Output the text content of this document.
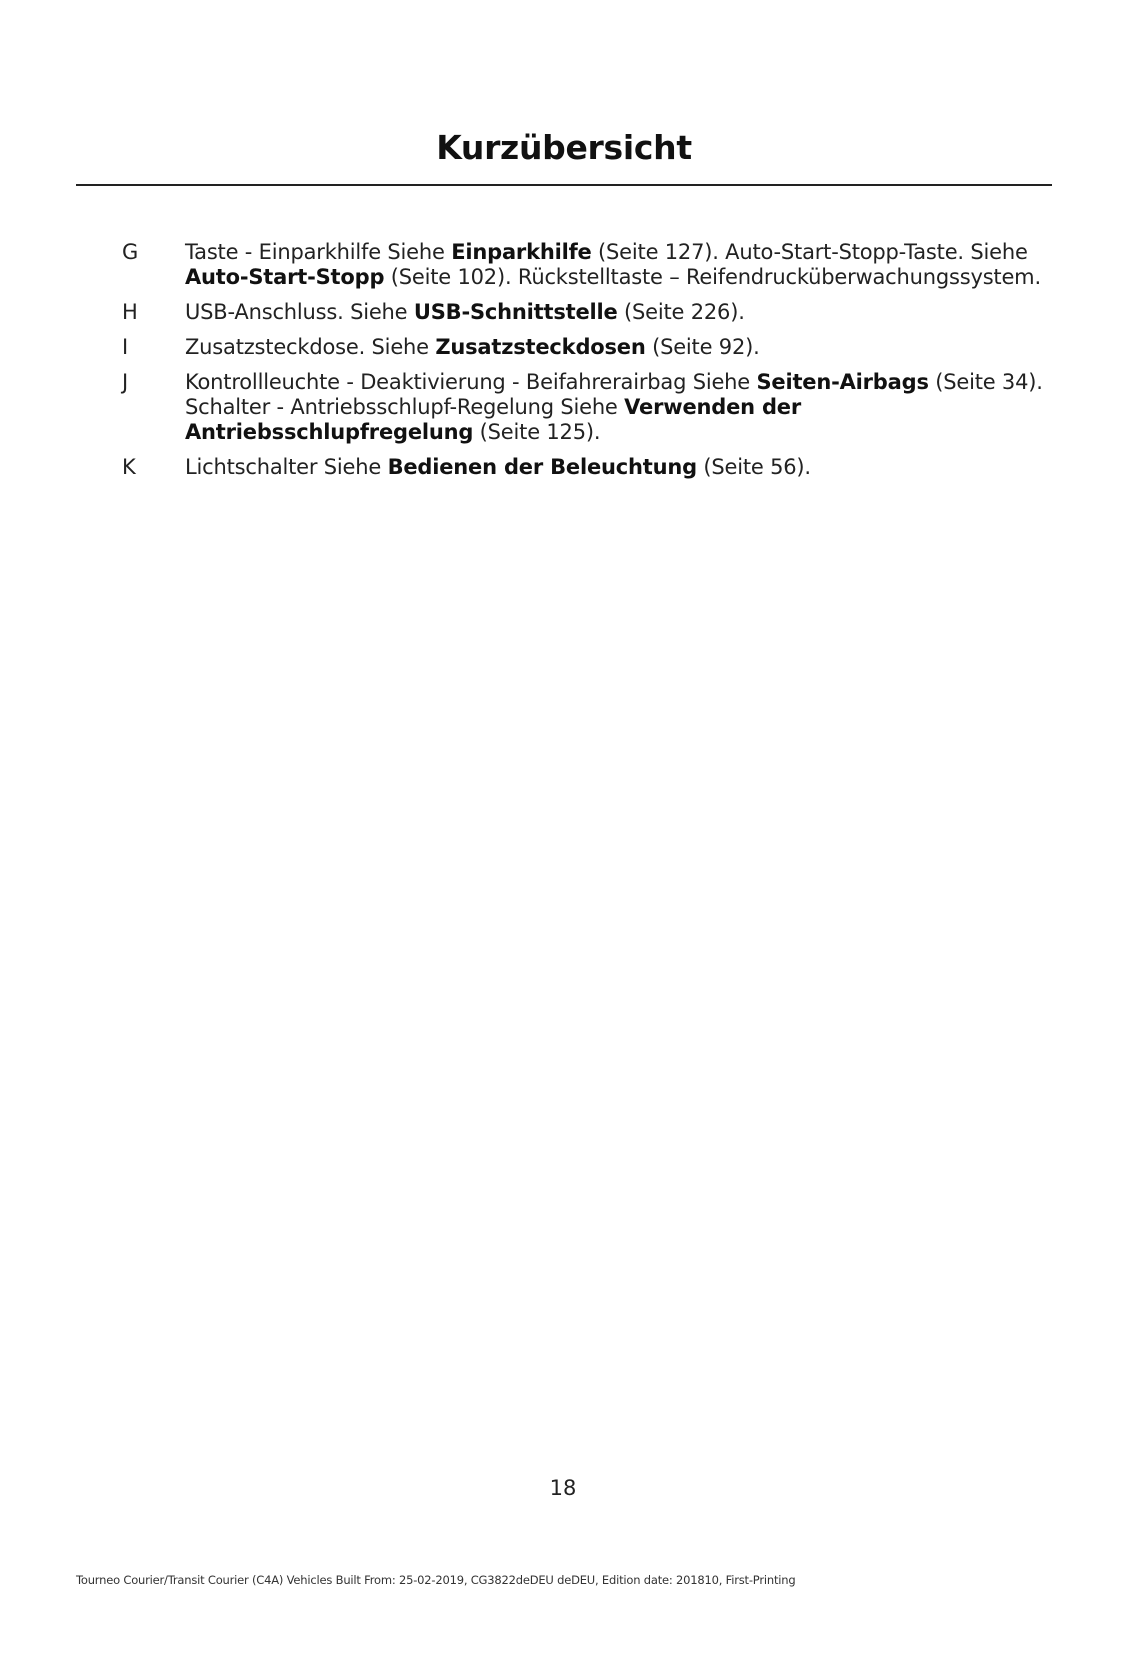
Kurzübersicht
G Taste - Einparkhilfe Siehe Einparkhilfe (Seite 127). Auto-Start-Stopp-Taste. Siehe Auto-Start-Stopp (Seite 102). Rückstelltaste – Reifendrucküberwachungssystem.
H USB-Anschluss. Siehe USB-Schnittstelle (Seite 226).
I	Zusatzsteckdose. Siehe Zusatzsteckdosen (Seite 92).
J	Kontrollleuchte - Deaktivierung - Beifahrerairbag Siehe Seiten-Airbags (Seite 34). Schalter - Antriebsschlupf-Regelung Siehe Verwenden der Antriebsschlupfregelung (Seite 125).
K Lichtschalter Siehe Bedienen der Beleuchtung (Seite 56).
18
Tourneo Courier/Transit Courier (C4A) Vehicles Built From: 25-02-2019, CG3822deDEU deDEU, Edition date: 201810, First-Printing
